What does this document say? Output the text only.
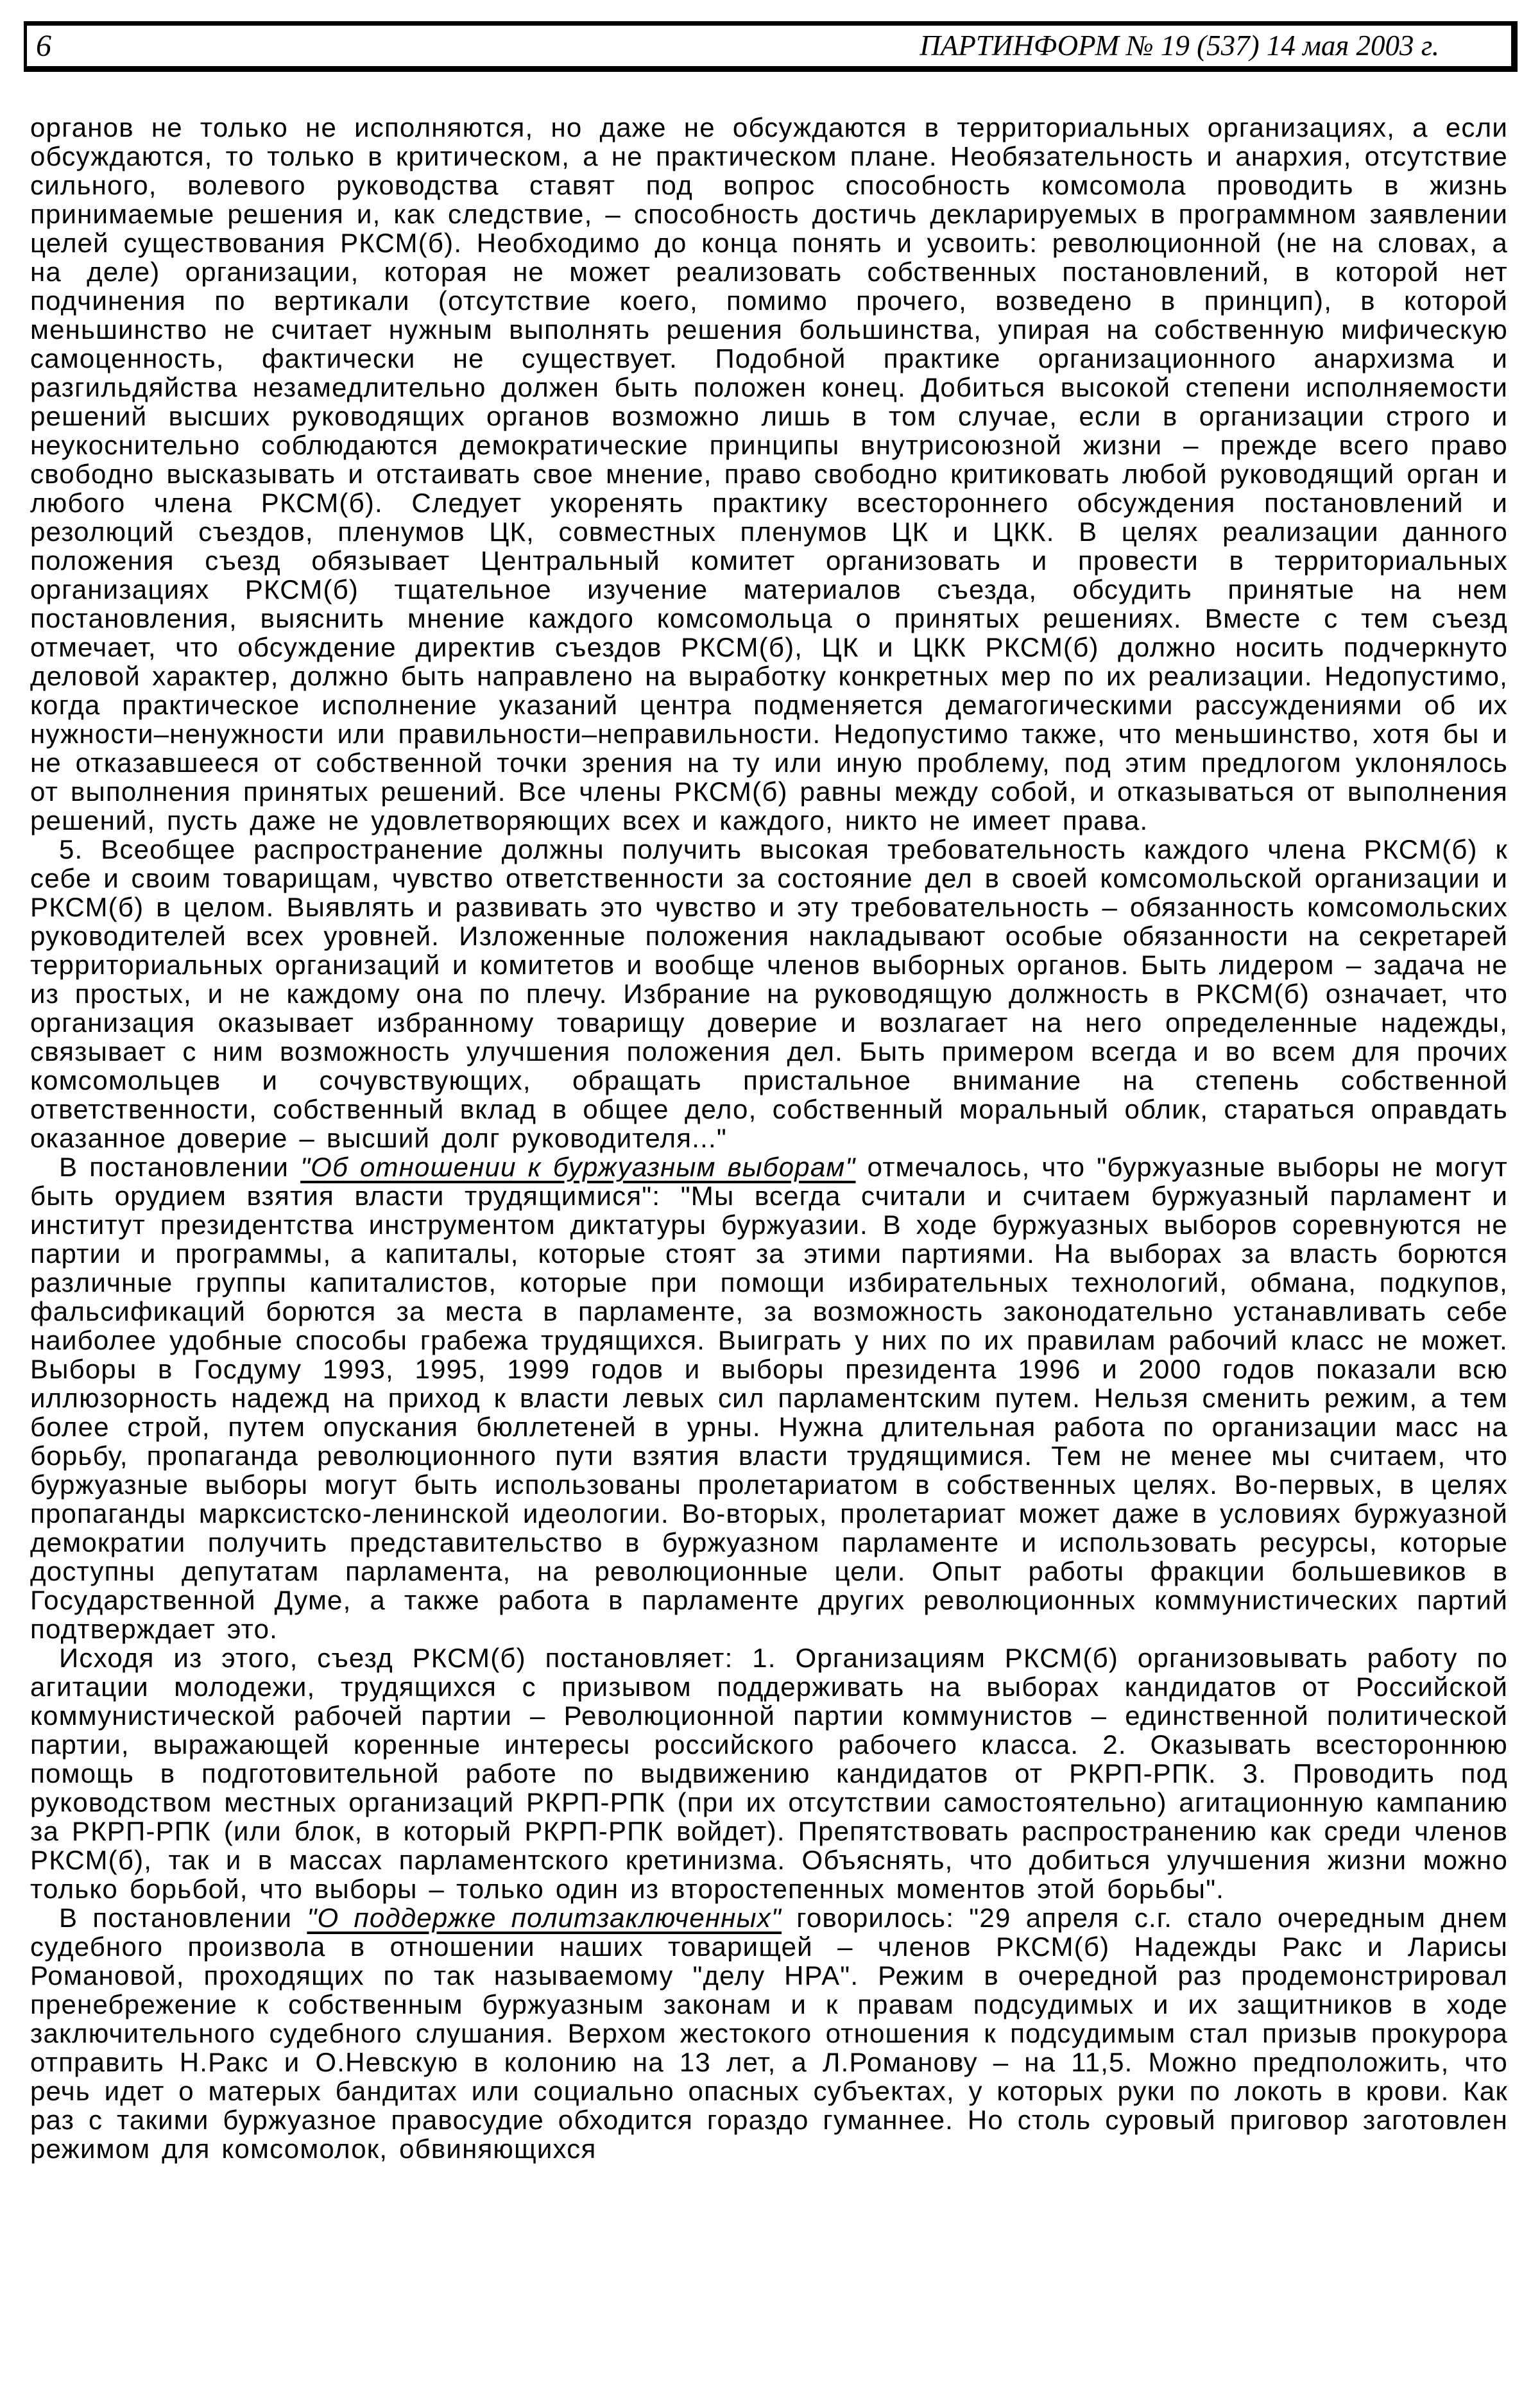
6	ПАРТИНФОРМ № 19 (537) 14 мая 2003 г.

органов не только не исполняются, но даже не обсуждаются в территориальных организациях, а если обсуждаются, то только в критическом, а не практическом плане. Необязательность и анархия, отсутствие сильного, волевого руководства ставят под вопрос способность комсомола проводить в жизнь принимаемые решения и, как следствие, – способность достичь декларируемых в программном заявлении целей существования РКСМ(б). Необходимо до конца понять и усвоить: революционной (не на словах, а на деле) организации, которая не может реализовать собственных постановлений, в которой нет подчинения по вертикали (отсутствие коего, помимо прочего, возведено в принцип), в которой меньшинство не считает нужным выполнять решения большинства, упирая на собственную мифическую самоценность, фактически не существует. Подобной практике организационного анархизма и разгильдяйства незамедлительно должен быть положен конец. Добиться высокой степени исполняемости решений высших руководящих органов возможно лишь в том случае, если в организации строго и неукоснительно соблюдаются демократические принципы внутрисоюзной жизни – прежде всего право свободно высказывать и отстаивать свое мнение, право свободно критиковать любой руководящий орган и любого члена РКСМ(б). Следует укоренять практику всестороннего обсуждения постановлений и резолюций съездов, пленумов ЦК, совместных пленумов ЦК и ЦКК. В целях реализации данного положения съезд обязывает Центральный комитет организовать и провести в территориальных организациях РКСМ(б) тщательное изучение материалов съезда, обсудить принятые на нем постановления, выяснить мнение каждого комсомольца о принятых решениях. Вместе с тем съезд отмечает, что обсуждение директив съездов РКСМ(б), ЦК и ЦКК РКСМ(б) должно носить подчеркнуто деловой характер, должно быть направлено на выработку конкретных мер по их реализации. Недопустимо, когда практическое исполнение указаний центра подменяется демагогическими рассуждениями об их нужности–ненужности или правильности–неправильности. Недопустимо также, что меньшинство, хотя бы и не отказавшееся от собственной точки зрения на ту или иную проблему, под этим предлогом уклонялось от выполнения принятых решений. Все члены РКСМ(б) равны между собой, и отказываться от выполнения решений, пусть даже не удовлетворяющих всех и каждого, никто не имеет права.

5. Всеобщее распространение должны получить высокая требовательность каждого члена РКСМ(б) к себе и своим товарищам, чувство ответственности за состояние дел в своей комсомольской организации и РКСМ(б) в целом. Выявлять и развивать это чувство и эту требовательность – обязанность комсомольских руководителей всех уровней. Изложенные положения накладывают особые обязанности на секретарей территориальных организаций и комитетов и вообще членов выборных органов. Быть лидером – задача не из простых, и не каждому она по плечу. Избрание на руководящую должность в РКСМ(б) означает, что организация оказывает избранному товарищу доверие и возлагает на него определенные надежды, связывает с ним возможность улучшения положения дел. Быть примером всегда и во всем для прочих комсомольцев и сочувствующих, обращать пристальное внимание на степень собственной ответственности, собственный вклад в общее дело, собственный моральный облик, стараться оправдать оказанное доверие – высший долг руководителя..."

В постановлении "Об отношении к буржуазным выборам" отмечалось, что "буржуазные выборы не могут быть орудием взятия власти трудящимися": "Мы всегда считали и считаем буржуазный парламент и институт президентства инструментом диктатуры буржуазии. В ходе буржуазных выборов соревнуются не партии и программы, а капиталы, которые стоят за этими партиями. На выборах за власть борются различные группы капиталистов, которые при помощи избирательных технологий, обмана, подкупов, фальсификаций борются за места в парламенте, за возможность законодательно устанавливать себе наиболее удобные способы грабежа трудящихся. Выиграть у них по их правилам рабочий класс не может. Выборы в Госдуму 1993, 1995, 1999 годов и выборы президента 1996 и 2000 годов показали всю иллюзорность надежд на приход к власти левых сил парламентским путем. Нельзя сменить режим, а тем более строй, путем опускания бюллетеней в урны. Нужна длительная работа по организации масс на борьбу, пропаганда революционного пути взятия власти трудящимися. Тем не менее мы считаем, что буржуазные выборы могут быть использованы пролетариатом в собственных целях. Во-первых, в целях пропаганды марксистско-ленинской идеологии. Во-вторых, пролетариат может даже в условиях буржуазной демократии получить представительство в буржуазном парламенте и использовать ресурсы, которые доступны депутатам парламента, на революционные цели. Опыт работы фракции большевиков в Государственной Думе, а также работа в парламенте других революционных коммунистических партий подтверждает это.

Исходя из этого, съезд РКСМ(б) постановляет: 1. Организациям РКСМ(б) организовывать работу по агитации молодежи, трудящихся с призывом поддерживать на выборах кандидатов от Российской коммунистической рабочей партии – Революционной партии коммунистов – единственной политической партии, выражающей коренные интересы российского рабочего класса. 2. Оказывать всестороннюю помощь в подготовительной работе по выдвижению кандидатов от РКРП-РПК. 3. Проводить под руководством местных организаций РКРП-РПК (при их отсутствии самостоятельно) агитационную кампанию за РКРП-РПК (или блок, в который РКРП-РПК войдет). Препятствовать распространению как среди членов РКСМ(б), так и в массах парламентского кретинизма. Объяснять, что добиться улучшения жизни можно только борьбой, что выборы – только один из второстепенных моментов этой борьбы".

В постановлении "О поддержке политзаключенных" говорилось: "29 апреля с.г. стало очередным днем судебного произвола в отношении наших товарищей – членов РКСМ(б) Надежды Ракс и Ларисы Романовой, проходящих по так называемому "делу НРА". Режим в очередной раз продемонстрировал пренебрежение к собственным буржуазным законам и к правам подсудимых и их защитников в ходе заключительного судебного слушания. Верхом жестокого отношения к подсудимым стал призыв прокурора отправить Н.Ракс и О.Невскую в колонию на 13 лет, а Л.Романову – на 11,5. Можно предположить, что речь идет о матерых бандитах или социально опасных субъектах, у которых руки по локоть в крови. Как раз с такими буржуазное правосудие обходится гораздо гуманнее. Но столь суровый приговор заготовлен режимом для комсомолок, обвиняющихся
